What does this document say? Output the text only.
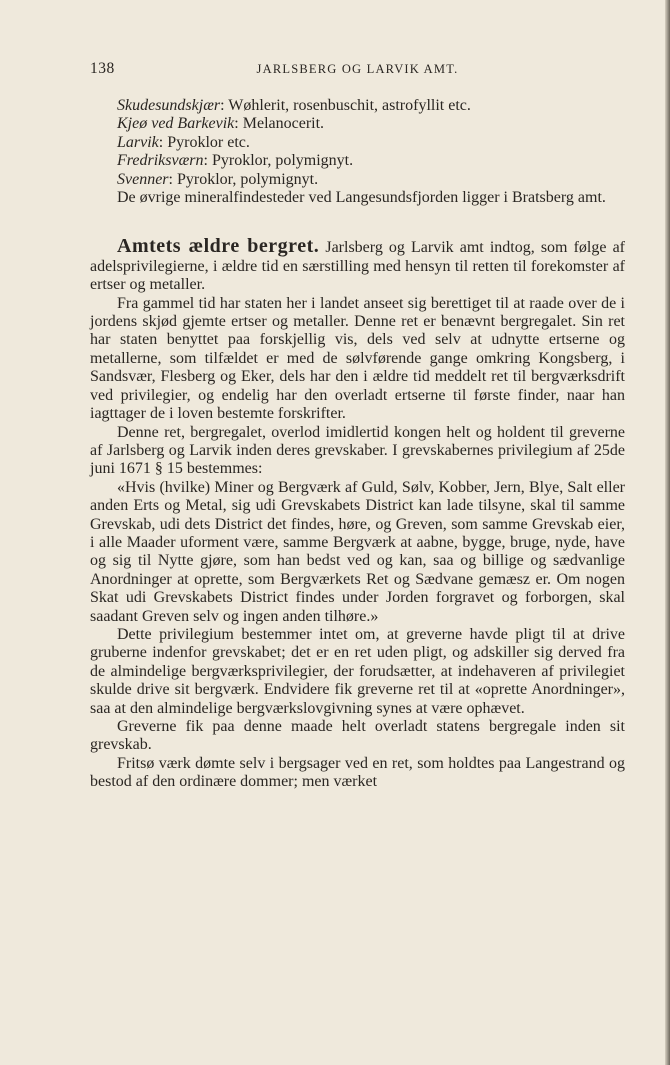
138	JARLSBERG OG LARVIK AMT.
Skudesundskjær: Wøhlerit, rosenbuschit, astrofyllit etc.
Kjeø ved Barkevik: Melanocerit.
Larvik: Pyroklor etc.
Fredriksværn: Pyroklor, polymignyt.
Svenner: Pyroklor, polymignyt.

De øvrige mineralfindesteder ved Langesundsfjorden ligger i Bratsberg amt.

Amtets ældre bergret. Jarlsberg og Larvik amt indtog, som følge af adelsprivilegierne, i ældre tid en særstilling med hensyn til retten til forekomster af ertser og metaller.

Fra gammel tid har staten her i landet anseet sig berettiget til at raade over de i jordens skjød gjemte ertser og metaller. Denne ret er benævnt bergregalet. Sin ret har staten benyttet paa forskjellig vis, dels ved selv at udnytte ertserne og metallerne, som tilfældet er med de sølvførende gange omkring Kongsberg, i Sandsvær, Flesberg og Eker, dels har den i ældre tid meddelt ret til bergværksdrift ved privilegier, og endelig har den overladt ertserne til første finder, naar han iagttager de i loven bestemte forskrifter.

Denne ret, bergregalet, overlod imidlertid kongen helt og holdent til greverne af Jarlsberg og Larvik inden deres grevskaber. I grevskabernes privilegium af 25de juni 1671 § 15 bestemmes:

«Hvis (hvilke) Miner og Bergværk af Guld, Sølv, Kobber, Jern, Blye, Salt eller anden Erts og Metal, sig udi Grevskabets District kan lade tilsyne, skal til samme Grevskab, udi dets District det findes, høre, og Greven, som samme Grevskab eier, i alle Maader uforment være, samme Bergværk at aabne, bygge, bruge, nyde, have og sig til Nytte gjøre, som han bedst ved og kan, saa og billige og sædvanlige Anordninger at oprette, som Bergværkets Ret og Sædvane gemæsz er. Om nogen Skat udi Grevskabets District findes under Jorden forgravet og forborgen, skal saadant Greven selv og ingen anden tilhøre.»

Dette privilegium bestemmer intet om, at greverne havde pligt til at drive gruberne indenfor grevskabet; det er en ret uden pligt, og adskiller sig derved fra de almindelige bergværksprivilegier, der forudsætter, at indehaveren af privilegiet skulde drive sit bergværk. Endvidere fik greverne ret til at «oprette Anordninger», saa at den almindelige bergværkslovgivning synes at være ophævet.

Greverne fik paa denne maade helt overladt statens bergregale inden sit grevskab.

Fritsø værk dømte selv i bergsager ved en ret, som holdtes paa Langestrand og bestod af den ordinære dommer; men værket
